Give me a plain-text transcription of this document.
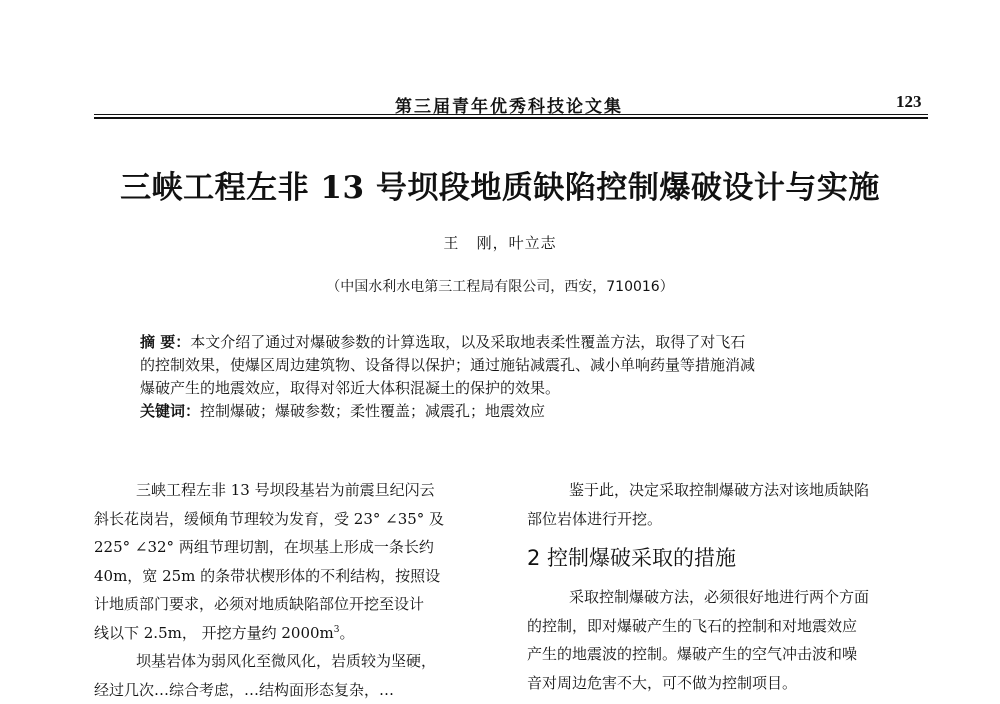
第三届青年优秀科技论文集	123
三峡工程左非 13 号坝段地质缺陷控制爆破设计与实施
王   刚，叶立志
（中国水利水电第三工程局有限公司，西安，710016）
摘 要：本文介绍了通过对爆破参数的计算选取，以及采取地表柔性覆盖方法，取得了对飞石
的控制效果，使爆区周边建筑物、设备得以保护；通过施钻减震孔、减小单响药量等措施消减
爆破产生的地震效应，取得对邻近大体积混凝土的保护的效果。
关键词：控制爆破；爆破参数；柔性覆盖；减震孔；地震效应
三峡工程左非 13 号坝段基岩为前震旦纪闪云
斜长花岗岩，缓倾角节理较为发育，受 23° ∠35° 及
225° ∠32° 两组节理切割，在坝基上形成一条长约
40m，宽 25m 的条带状楔形体的不利结构，按照设
计地质部门要求，必须对地质缺陷部位开挖至设计
线以下 2.5m， 开挖方量约 $2000m^3$。
坝基岩体为弱风化至微风化，岩质较为坚硬，
经过几次…综合考虑，…结构面形态复杂，…
鉴于此，决定采取控制爆破方法对该地质缺陷
部位岩体进行开挖。
2 控制爆破采取的措施
采取控制爆破方法，必须很好地进行两个方面
的控制，即对爆破产生的飞石的控制和对地震效应
产生的地震波的控制。爆破产生的空气冲击波和噪
音对周边危害不大，可不做为控制项目。
